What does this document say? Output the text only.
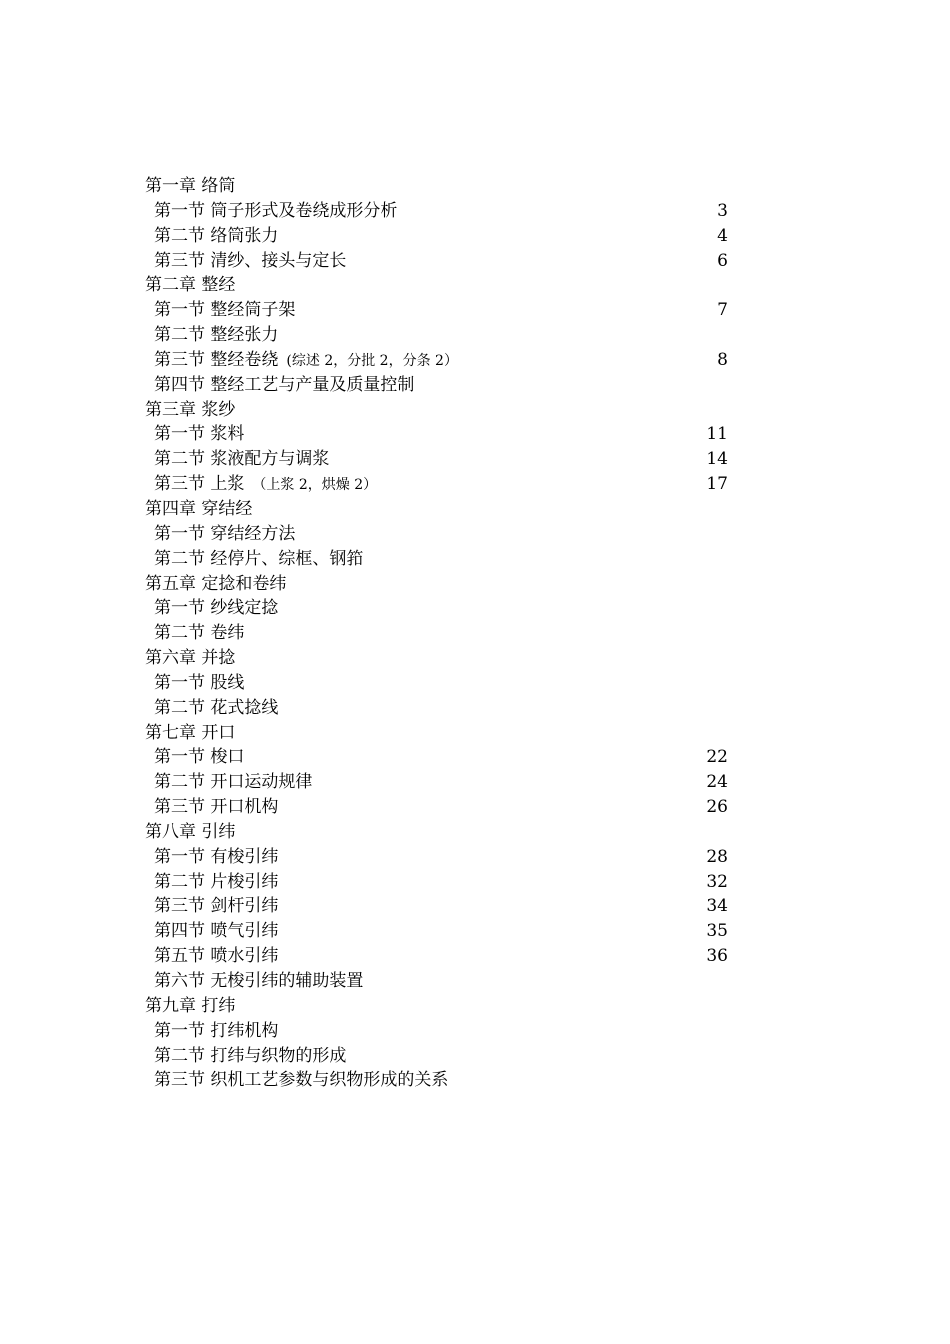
第一章 络筒
第一节 筒子形式及卷绕成形分析	3
第二节 络筒张力	4
第三节 清纱、接头与定长	6
第二章 整经
第一节 整经筒子架	7
第二节 整经张力
第三节 整经卷绕 (综述 2，分批 2，分条 2）	8
第四节 整经工艺与产量及质量控制
第三章 浆纱
第一节 浆料	11
第二节 浆液配方与调浆	14
第三节 上浆 （上浆 2，烘燥 2）	17
第四章 穿结经
第一节 穿结经方法
第二节 经停片、综框、钢筘
第五章 定捻和卷纬
第一节 纱线定捻
第二节 卷纬
第六章 并捻
第一节 股线
第二节 花式捻线
第七章 开口
第一节 梭口	22
第二节 开口运动规律	24
第三节 开口机构	26
第八章 引纬
第一节 有梭引纬	28
第二节 片梭引纬	32
第三节 剑杆引纬	34
第四节 喷气引纬	35
第五节 喷水引纬	36
第六节 无梭引纬的辅助装置
第九章 打纬
第一节 打纬机构
第二节 打纬与织物的形成
第三节 织机工艺参数与织物形成的关系
